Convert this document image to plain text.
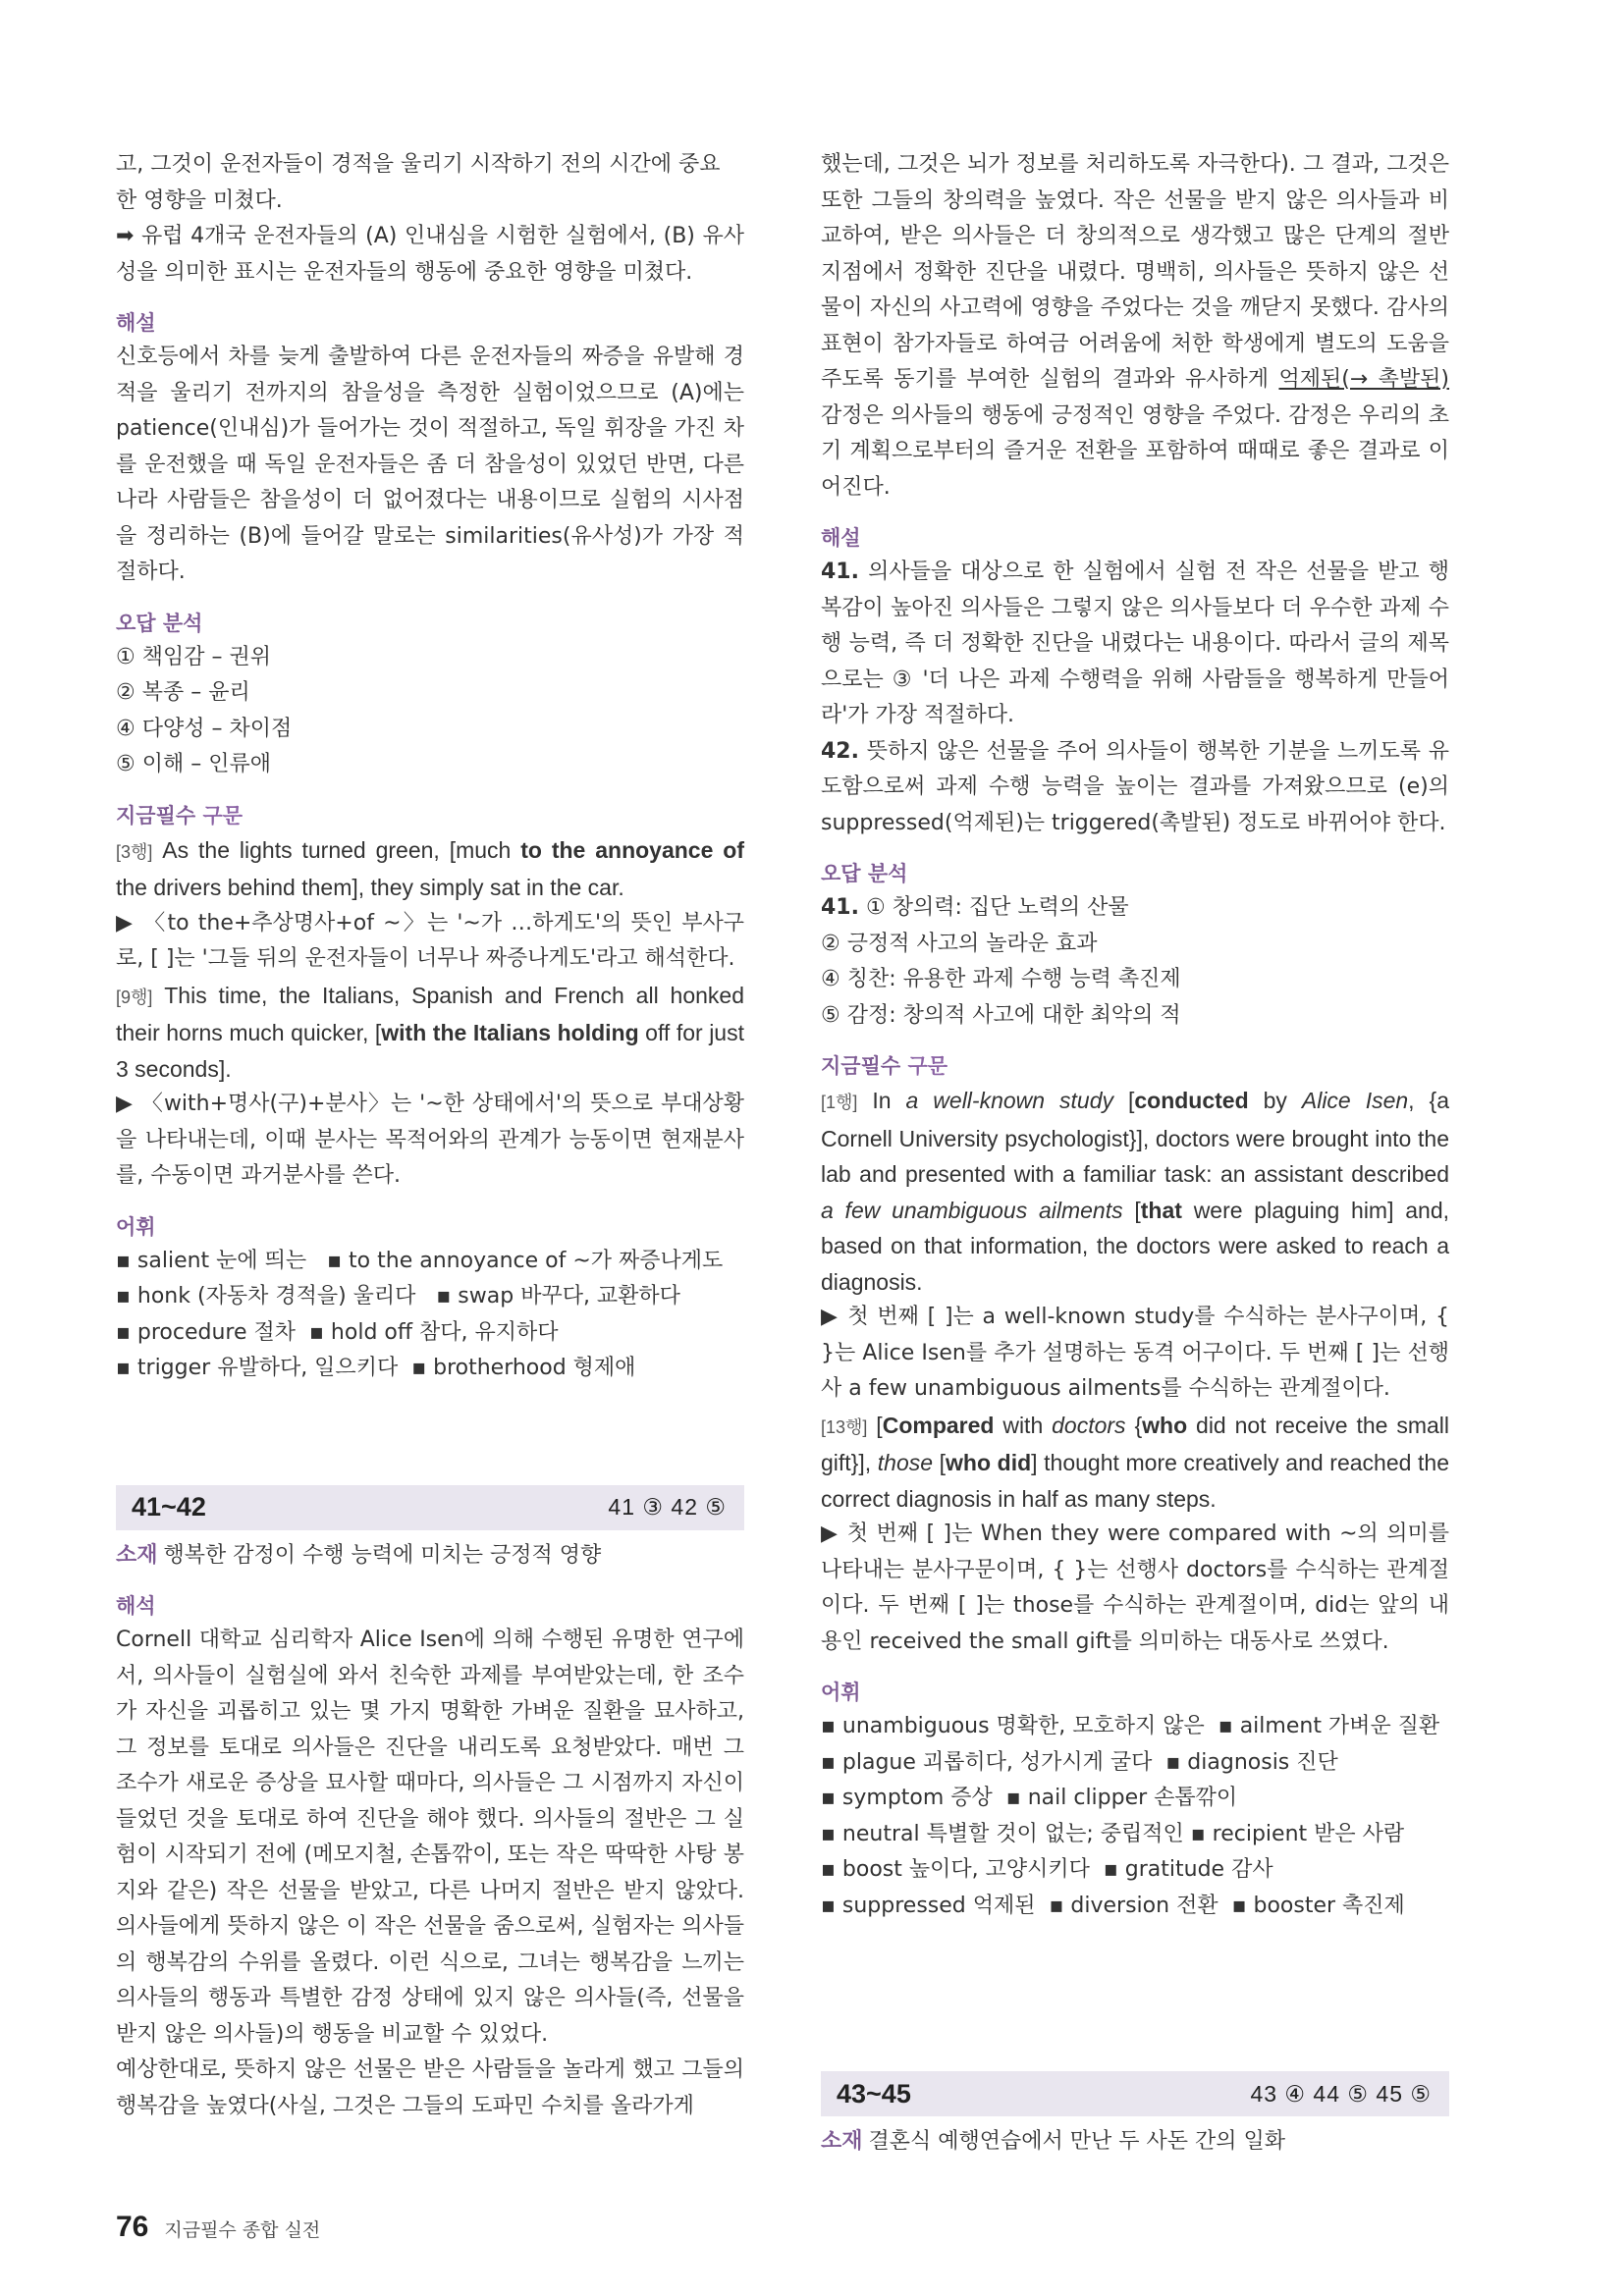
고, 그것이 운전자들이 경적을 울리기 시작하기 전의 시간에 중요

한 영향을 미쳤다.

➡ 유럽 4개국 운전자들의 (A) 인내심을 시험한 실험에서, (B) 유사성을 의미한 표시는 운전자들의 행동에 중요한 영향을 미쳤다.

해설

신호등에서 차를 늦게 출발하여 다른 운전자들의 짜증을 유발해 경적을 울리기 전까지의 참을성을 측정한 실험이었으므로 (A)에는 patience(인내심)가 들어가는 것이 적절하고, 독일 휘장을 가진 차를 운전했을 때 독일 운전자들은 좀 더 참을성이 있었던 반면, 다른 나라 사람들은 참을성이 더 없어졌다는 내용이므로 실험의 시사점을 정리하는 (B)에 들어갈 말로는 similarities(유사성)가 가장 적절하다.

오답 분석

① 책임감 – 권위

② 복종 – 윤리

④ 다양성 – 차이점

⑤ 이해 – 인류애

지금필수 구문

[3행] As the lights turned green, [much to the annoyance of the drivers behind them], they simply sat in the car.

▶ 〈to the+추상명사+of ~〉는 '~가 …하게도'의 뜻인 부사구로, [ ]는 '그들 뒤의 운전자들이 너무나 짜증나게도'라고 해석한다.

[9행] This time, the Italians, Spanish and French all honked their horns much quicker, [with the Italians holding off for just 3 seconds].

▶ 〈with+명사(구)+분사〉는 '~한 상태에서'의 뜻으로 부대상황을 나타내는데, 이때 분사는 목적어와의 관계가 능동이면 현재분사를, 수동이면 과거분사를 쓴다.

어휘

▪ salient 눈에 띄는 ▪ to the annoyance of ~가 짜증나게도 ▪ honk (자동차 경적을) 울리다 ▪ swap 바꾸다, 교환하다 ▪ procedure 절차 ▪ hold off 참다, 유지하다  ▪ trigger 유발하다, 일으키다 ▪ brotherhood 형제애

41~42	41 ③ 42 ⑤

소재 행복한 감정이 수행 능력에 미치는 긍정적 영향

해석

Cornell 대학교 심리학자 Alice Isen에 의해 수행된 유명한 연구에서, 의사들이 실험실에 와서 친숙한 과제를 부여받았는데, 한 조수가 자신을 괴롭히고 있는 몇 가지 명확한 가벼운 질환을 묘사하고, 그 정보를 토대로 의사들은 진단을 내리도록 요청받았다. 매번 그 조수가 새로운 증상을 묘사할 때마다, 의사들은 그 시점까지 자신이 들었던 것을 토대로 하여 진단을 해야 했다. 의사들의 절반은 그 실험이 시작되기 전에 (메모지철, 손톱깎이, 또는 작은 딱딱한 사탕 봉지와 같은) 작은 선물을 받았고, 다른 나머지 절반은 받지 않았다. 의사들에게 뜻하지 않은 이 작은 선물을 줌으로써, 실험자는 의사들의 행복감의 수위를 올렸다. 이런 식으로, 그녀는 행복감을 느끼는 의사들의 행동과 특별한 감정 상태에 있지 않은 의사들(즉, 선물을 받지 않은 의사들)의 행동을 비교할 수 있었다.

예상한대로, 뜻하지 않은 선물은 받은 사람들을 놀라게 했고 그들의 행복감을 높였다(사실, 그것은 그들의 도파민 수치를 올라가게

했는데, 그것은 뇌가 정보를 처리하도록 자극한다). 그 결과, 그것은 또한 그들의 창의력을 높였다. 작은 선물을 받지 않은 의사들과 비교하여, 받은 의사들은 더 창의적으로 생각했고 많은 단계의 절반 지점에서 정확한 진단을 내렸다. 명백히, 의사들은 뜻하지 않은 선물이 자신의 사고력에 영향을 주었다는 것을 깨닫지 못했다. 감사의 표현이 참가자들로 하여금 어려움에 처한 학생에게 별도의 도움을 주도록 동기를 부여한 실험의 결과와 유사하게 억제된(→ 촉발된) 감정은 의사들의 행동에 긍정적인 영향을 주었다. 감정은 우리의 초기 계획으로부터의 즐거운 전환을 포함하여 때때로 좋은 결과로 이어진다.

해설

41. 의사들을 대상으로 한 실험에서 실험 전 작은 선물을 받고 행복감이 높아진 의사들은 그렇지 않은 의사들보다 더 우수한 과제 수행 능력, 즉 더 정확한 진단을 내렸다는 내용이다. 따라서 글의 제목으로는 ③ '더 나은 과제 수행력을 위해 사람들을 행복하게 만들어라'가 가장 적절하다.

42. 뜻하지 않은 선물을 주어 의사들이 행복한 기분을 느끼도록 유도함으로써 과제 수행 능력을 높이는 결과를 가져왔으므로 (e)의 suppressed(억제된)는 triggered(촉발된) 정도로 바뀌어야 한다.

오답 분석

41. ① 창의력: 집단 노력의 산물

② 긍정적 사고의 놀라운 효과

④ 칭찬: 유용한 과제 수행 능력 촉진제

⑤ 감정: 창의적 사고에 대한 최악의 적

지금필수 구문

[1행] In a well-known study [conducted by Alice Isen, {a Cornell University psychologist}], doctors were brought into the lab and presented with a familiar task: an assistant described a few unambiguous ailments [that were plaguing him] and, based on that information, the doctors were asked to reach a diagnosis.

▶ 첫 번째 [ ]는 a well-known study를 수식하는 분사구이며, { }는 Alice Isen를 추가 설명하는 동격 어구이다. 두 번째 [ ]는 선행사 a few unambiguous ailments를 수식하는 관계절이다.

[13행] [Compared with doctors {who did not receive the small gift}], those [who did] thought more creatively and reached the correct diagnosis in half as many steps.

▶ 첫 번째 [ ]는 When they were compared with ~의 의미를 나타내는 분사구문이며, { }는 선행사 doctors를 수식하는 관계절이다. 두 번째 [ ]는 those를 수식하는 관계절이며, did는 앞의 내용인 received the small gift를 의미하는 대동사로 쓰였다.

어휘

▪ unambiguous 명확한, 모호하지 않은 ▪ ailment 가벼운 질환 ▪ plague 괴롭히다, 성가시게 굴다 ▪ diagnosis 진단  ▪ symptom 증상 ▪ nail clipper 손톱깎이  ▪ neutral 특별할 것이 없는; 중립적인 ▪ recipient 받은 사람  ▪ boost 높이다, 고양시키다 ▪ gratitude 감사  ▪ suppressed 억제된 ▪ diversion 전환 ▪ booster 촉진제

43~45	43 ④ 44 ⑤ 45 ⑤

소재 결혼식 예행연습에서 만난 두 사돈 간의 일화

76 지금필수 종합 실전
